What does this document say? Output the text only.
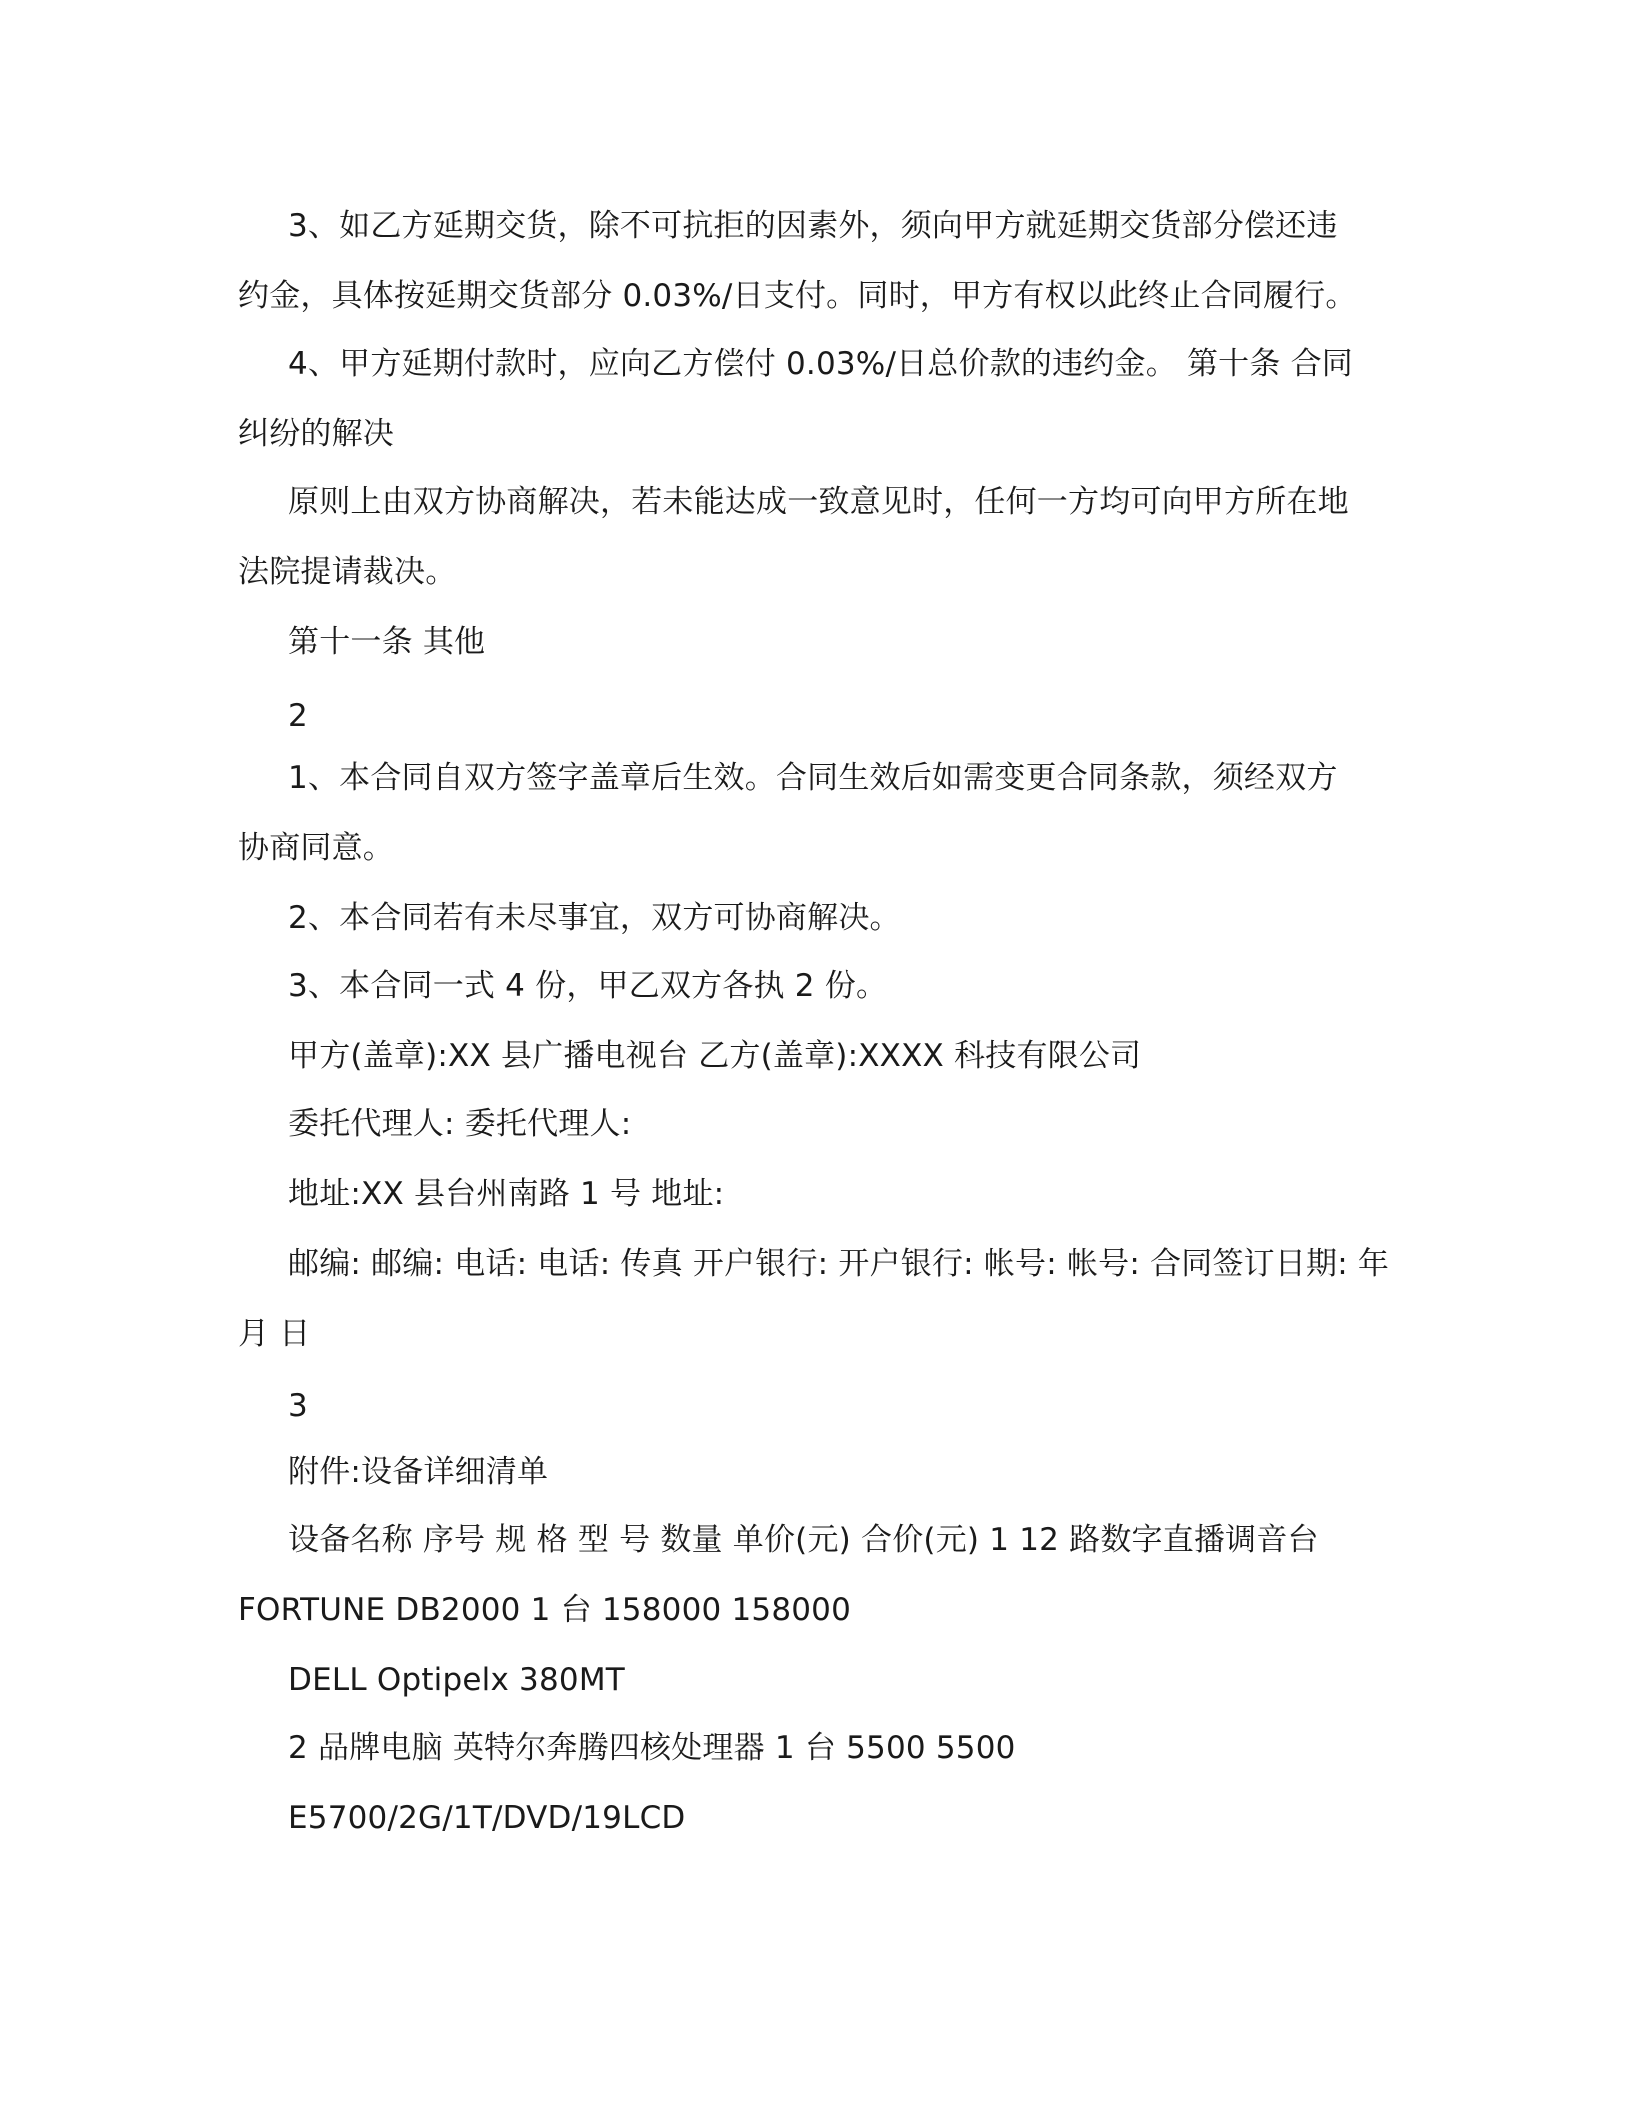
3、如乙方延期交货，除不可抗拒的因素外，须向甲方就延期交货部分偿还违

约金，具体按延期交货部分 0.03%/日支付。同时，甲方有权以此终止合同履行。

4、甲方延期付款时，应向乙方偿付 0.03%/日总价款的违约金。 第十条 合同

纠纷的解决

原则上由双方协商解决，若未能达成一致意见时，任何一方均可向甲方所在地

法院提请裁决。

第十一条 其他

2

1、本合同自双方签字盖章后生效。合同生效后如需变更合同条款，须经双方

协商同意。

2、本合同若有未尽事宜，双方可协商解决。

3、本合同一式 4 份，甲乙双方各执 2 份。

甲方(盖章):XX 县广播电视台 乙方(盖章):XXXX 科技有限公司

委托代理人: 委托代理人:

地址:XX 县台州南路 1 号 地址:

邮编: 邮编: 电话: 电话: 传真 开户银行: 开户银行: 帐号: 帐号: 合同签订日期: 年

月 日

3

附件:设备详细清单

设备名称 序号 规 格 型 号 数量 单价(元) 合价(元) 1 12 路数字直播调音台

FORTUNE DB2000 1 台 158000 158000

DELL Optipelx 380MT

2 品牌电脑 英特尔奔腾四核处理器 1 台 5500 5500

E5700/2G/1T/DVD/19LCD
